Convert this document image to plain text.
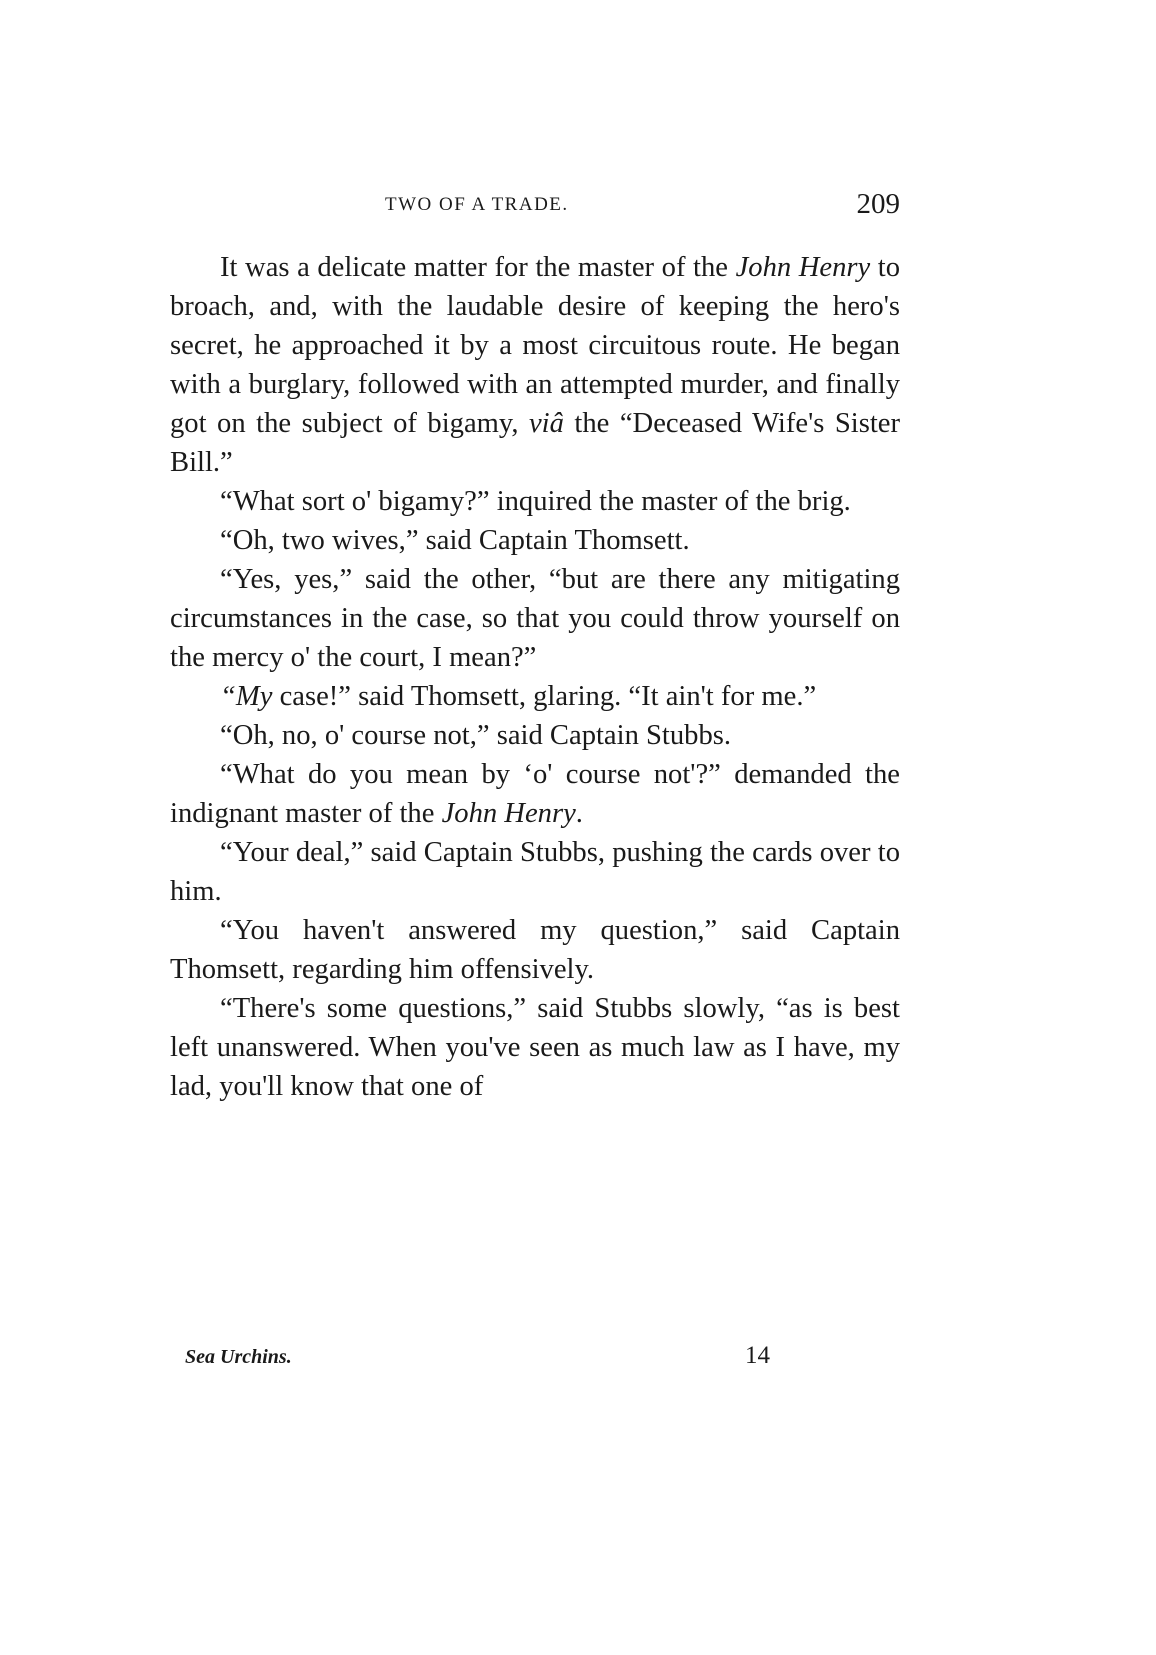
TWO OF A TRADE.	209

It was a delicate matter for the master of the John Henry to broach, and, with the laudable desire of keeping the hero's secret, he approached it by a most circuitous route. He began with a burglary, followed with an attempted murder, and finally got on the subject of bigamy, viâ the “Deceased Wife's Sister Bill.”

“What sort o' bigamy?” inquired the master of the brig.

“Oh, two wives,” said Captain Thomsett.

“Yes, yes,” said the other, “but are there any mitigating circumstances in the case, so that you could throw yourself on the mercy o' the court, I mean?”

“My case!” said Thomsett, glaring. “It ain't for me.”

“Oh, no, o' course not,” said Captain Stubbs.

“What do you mean by ‘o' course not'?” demanded the indignant master of the John Henry.

“Your deal,” said Captain Stubbs, pushing the cards over to him.

“You haven't answered my question,” said Captain Thomsett, regarding him offensively.

“There's some questions,” said Stubbs slowly, “as is best left unanswered. When you've seen as much law as I have, my lad, you'll know that one of

Sea Urchins.	14
